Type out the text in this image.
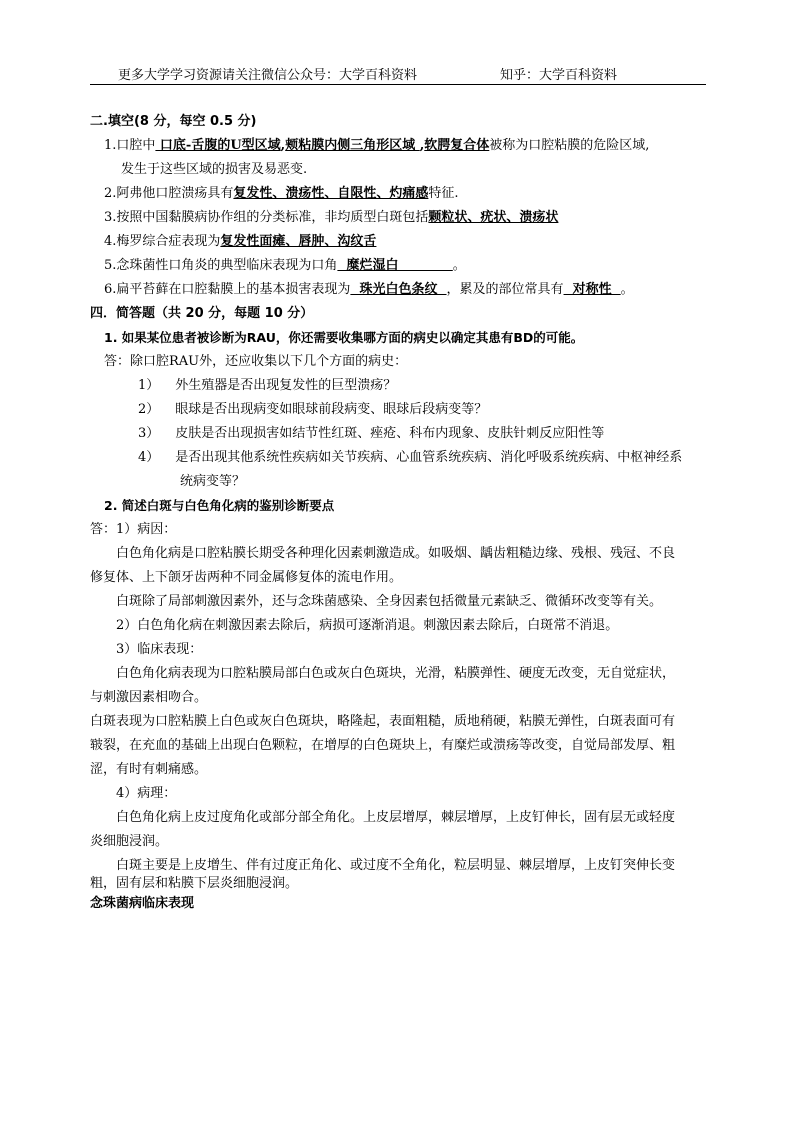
更多大学学习资源请关注微信公众号：大学百科资料	知乎：大学百科资料
二.填空(8 分，每空 0.5 分)
1.口腔中 口底-舌腹的U型区域,颊粘膜内侧三角形区域 ,软腭复合体被称为口腔粘膜的危险区域,
发生于这些区域的损害及易恶变.
2.阿弗他口腔溃疡具有复发性、溃疡性、自限性、灼痛感特征.
3.按照中国黏膜病协作组的分类标准，非均质型白斑包括颗粒状、疣状、溃疡状
4.梅罗综合症表现为复发性面瘫、唇肿、沟纹舌
5.念珠菌性口角炎的典型临床表现为口角  糜烂湿白            。
6.扁平苔藓在口腔黏膜上的基本损害表现为  珠光白色条纹  ，累及的部位常具有  对称性  。
四．简答题（共 20 分，每题 10 分）
1. 如果某位患者被诊断为RAU，你还需要收集哪方面的病史以确定其患有BD的可能。
答：除口腔RAU外，还应收集以下几个方面的病史：
1） 外生殖器是否出现复发性的巨型溃疡？
2） 眼球是否出现病变如眼球前段病变、眼球后段病变等？
3） 皮肤是否出现损害如结节性红斑、痤疮、科布内现象、皮肤针刺反应阳性等
4） 是否出现其他系统性疾病如关节疾病、心血管系统疾病、消化呼吸系统疾病、中枢神经系
统病变等？
2. 简述白斑与白色角化病的鉴别诊断要点
答：1）病因：
白色角化病是口腔粘膜长期受各种理化因素刺激造成。如吸烟、龋齿粗糙边缘、残根、残冠、不良
修复体、上下颌牙齿两种不同金属修复体的流电作用。
白斑除了局部刺激因素外，还与念珠菌感染、全身因素包括微量元素缺乏、微循环改变等有关。
2）白色角化病在刺激因素去除后，病损可逐渐消退。刺激因素去除后，白斑常不消退。
3）临床表现：
白色角化病表现为口腔粘膜局部白色或灰白色斑块，光滑，粘膜弹性、硬度无改变，无自觉症状，
与刺激因素相吻合。
白斑表现为口腔粘膜上白色或灰白色斑块，略隆起，表面粗糙，质地稍硬，粘膜无弹性，白斑表面可有
皲裂，在充血的基础上出现白色颗粒，在增厚的白色斑块上，有糜烂或溃疡等改变，自觉局部发厚、粗
涩，有时有刺痛感。
4）病理：
白色角化病上皮过度角化或部分部全角化。上皮层增厚，棘层增厚，上皮钉伸长，固有层无或轻度
炎细胞浸润。
白斑主要是上皮增生、伴有过度正角化、或过度不全角化，粒层明显、棘层增厚，上皮钉突伸长变
粗，固有层和粘膜下层炎细胞浸润。
念珠菌病临床表现
